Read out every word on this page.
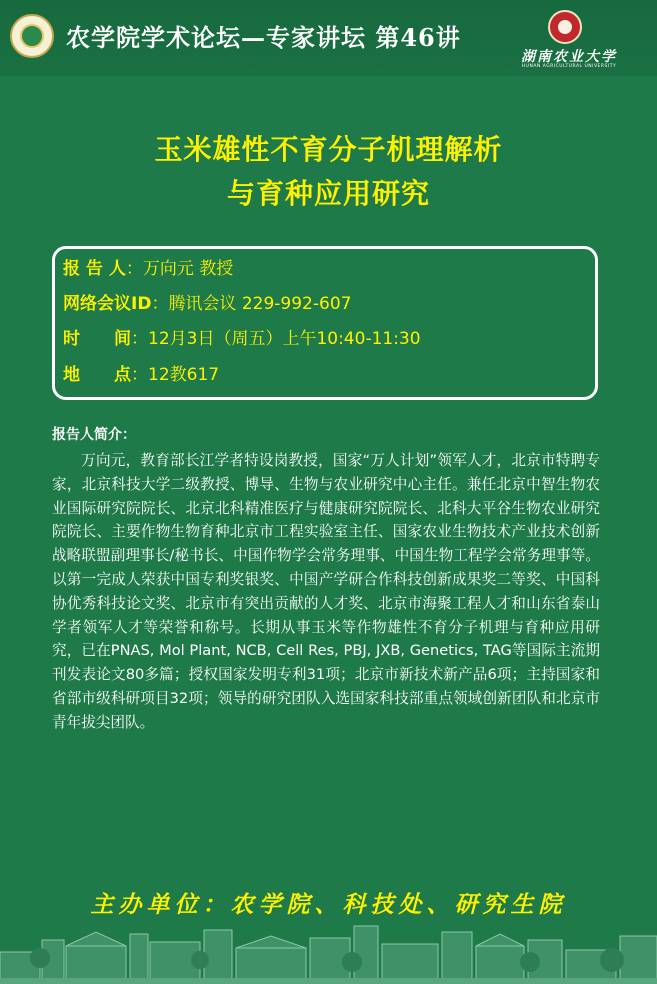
农学院学术论坛—专家讲坛 第46讲
湖南农业大学
HUNAN AGRICULTURAL UNIVERSITY
玉米雄性不育分子机理解析
与育种应用研究
报 告 人：万向元 教授
网络会议ID：腾讯会议 229-992-607
时　　间：12月3日（周五）上午10:40-11:30
地　　点：12教617
报告人简介：
万向元，教育部长江学者特设岗教授，国家“万人计划”领军人才，北京市特聘专家，北京科技大学二级教授、博导、生物与农业研究中心主任。兼任北京中智生物农业国际研究院院长、北京北科精准医疗与健康研究院院长、北科大平谷生物农业研究院院长、主要作物生物育种北京市工程实验室主任、国家农业生物技术产业技术创新战略联盟副理事长/秘书长、中国作物学会常务理事、中国生物工程学会常务理事等。以第一完成人荣获中国专利奖银奖、中国产学研合作科技创新成果奖二等奖、中国科协优秀科技论文奖、北京市有突出贡献的人才奖、北京市海聚工程人才和山东省泰山学者领军人才等荣誉和称号。长期从事玉米等作物雄性不育分子机理与育种应用研究，已在PNAS, Mol Plant, NCB, Cell Res, PBJ, JXB, Genetics, TAG等国际主流期刊发表论文80多篇；授权国家发明专利31项；北京市新技术新产品6项；主持国家和省部市级科研项目32项；领导的研究团队入选国家科技部重点领域创新团队和北京市青年拔尖团队。
主办单位：农学院、科技处、研究生院
